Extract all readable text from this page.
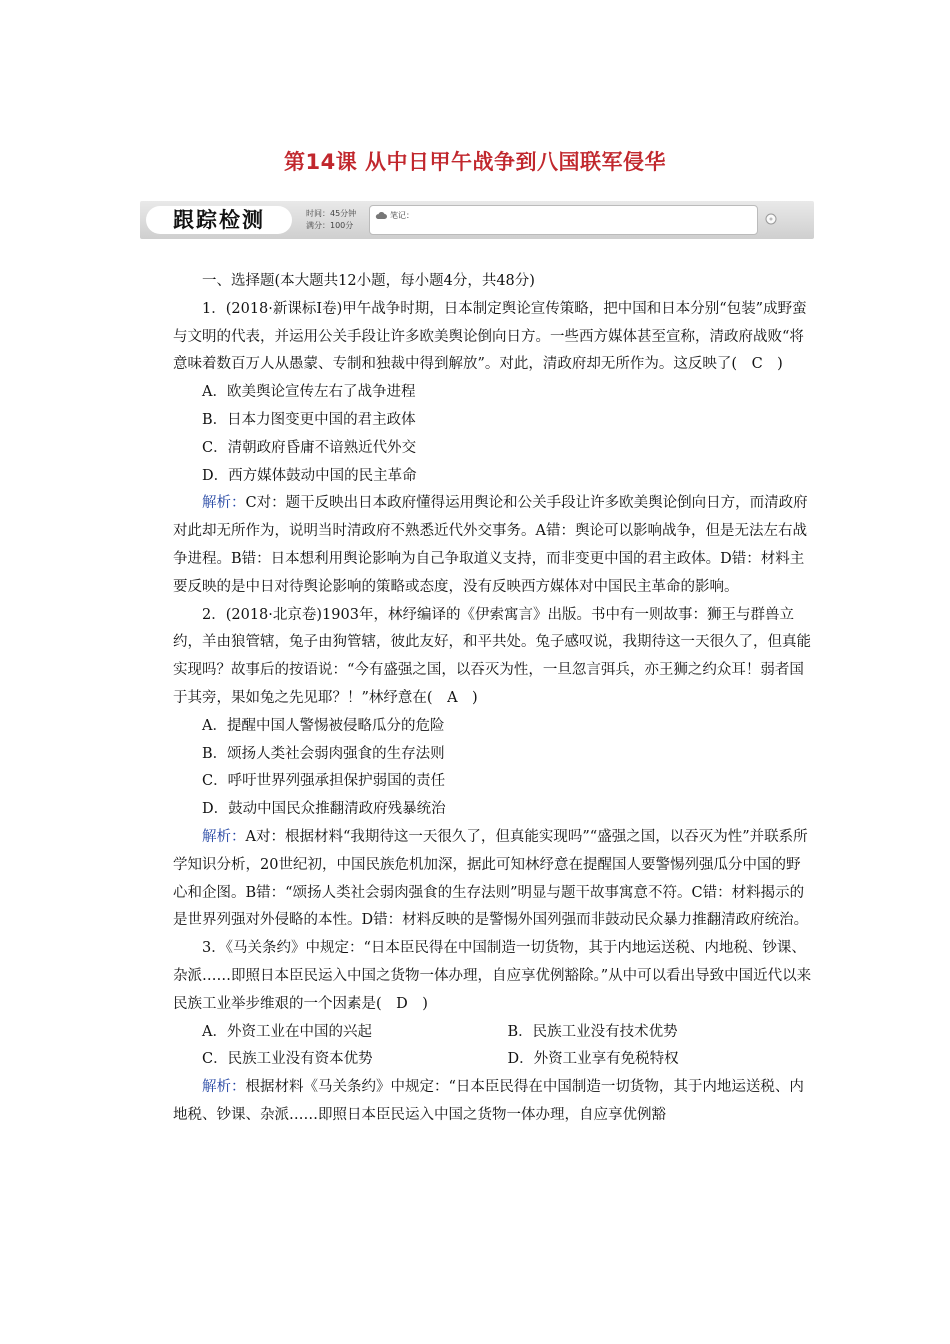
第14课 从中日甲午战争到八国联军侵华
跟踪检测	时间：45分钟
满分：100分
笔记：

一、选择题(本大题共12小题，每小题4分，共48分)

1．(2018·新课标Ⅰ卷)甲午战争时期，日本制定舆论宣传策略，把中国和日本分别“包装”成野蛮与文明的代表，并运用公关手段让许多欧美舆论倒向日方。一些西方媒体甚至宣称，清政府战败“将意味着数百万人从愚蒙、专制和独裁中得到解放”。对此，清政府却无所作为。这反映了(　C　)

A．欧美舆论宣传左右了战争进程

B．日本力图变更中国的君主政体

C．清朝政府昏庸不谙熟近代外交

D．西方媒体鼓动中国的民主革命

解析：C对：题干反映出日本政府懂得运用舆论和公关手段让许多欧美舆论倒向日方，而清政府对此却无所作为，说明当时清政府不熟悉近代外交事务。A错：舆论可以影响战争，但是无法左右战争进程。B错：日本想利用舆论影响为自己争取道义支持，而非变更中国的君主政体。D错：材料主要反映的是中日对待舆论影响的策略或态度，没有反映西方媒体对中国民主革命的影响。

2．(2018·北京卷)1903年，林纾编译的《伊索寓言》出版。书中有一则故事：狮王与群兽立约，羊由狼管辖，兔子由狗管辖，彼此友好，和平共处。兔子感叹说，我期待这一天很久了，但真能实现吗？故事后的按语说：“今有盛强之国，以吞灭为性，一旦忽言弭兵，亦王狮之约众耳！弱者国于其旁，果如兔之先见耶？！”林纾意在(　A　)

A．提醒中国人警惕被侵略瓜分的危险

B．颂扬人类社会弱肉强食的生存法则

C．呼吁世界列强承担保护弱国的责任

D．鼓动中国民众推翻清政府残暴统治

解析：A对：根据材料“我期待这一天很久了，但真能实现吗”“盛强之国，以吞灭为性”并联系所学知识分析，20世纪初，中国民族危机加深，据此可知林纾意在提醒国人要警惕列强瓜分中国的野心和企图。B错：“颂扬人类社会弱肉强食的生存法则”明显与题干故事寓意不符。C错：材料揭示的是世界列强对外侵略的本性。D错：材料反映的是警惕外国列强而非鼓动民众暴力推翻清政府统治。

3．《马关条约》中规定：“日本臣民得在中国制造一切货物，其于内地运送税、内地税、钞课、杂派……即照日本臣民运入中国之货物一体办理，自应享优例豁除。”从中可以看出导致中国近代以来民族工业举步维艰的一个因素是(　D　)

A．外资工业在中国的兴起	B．民族工业没有技术优势
C．民族工业没有资本优势	D．外资工业享有免税特权

解析：根据材料《马关条约》中规定：“日本臣民得在中国制造一切货物，其于内地运送税、内地税、钞课、杂派……即照日本臣民运入中国之货物一体办理，自应享优例豁
